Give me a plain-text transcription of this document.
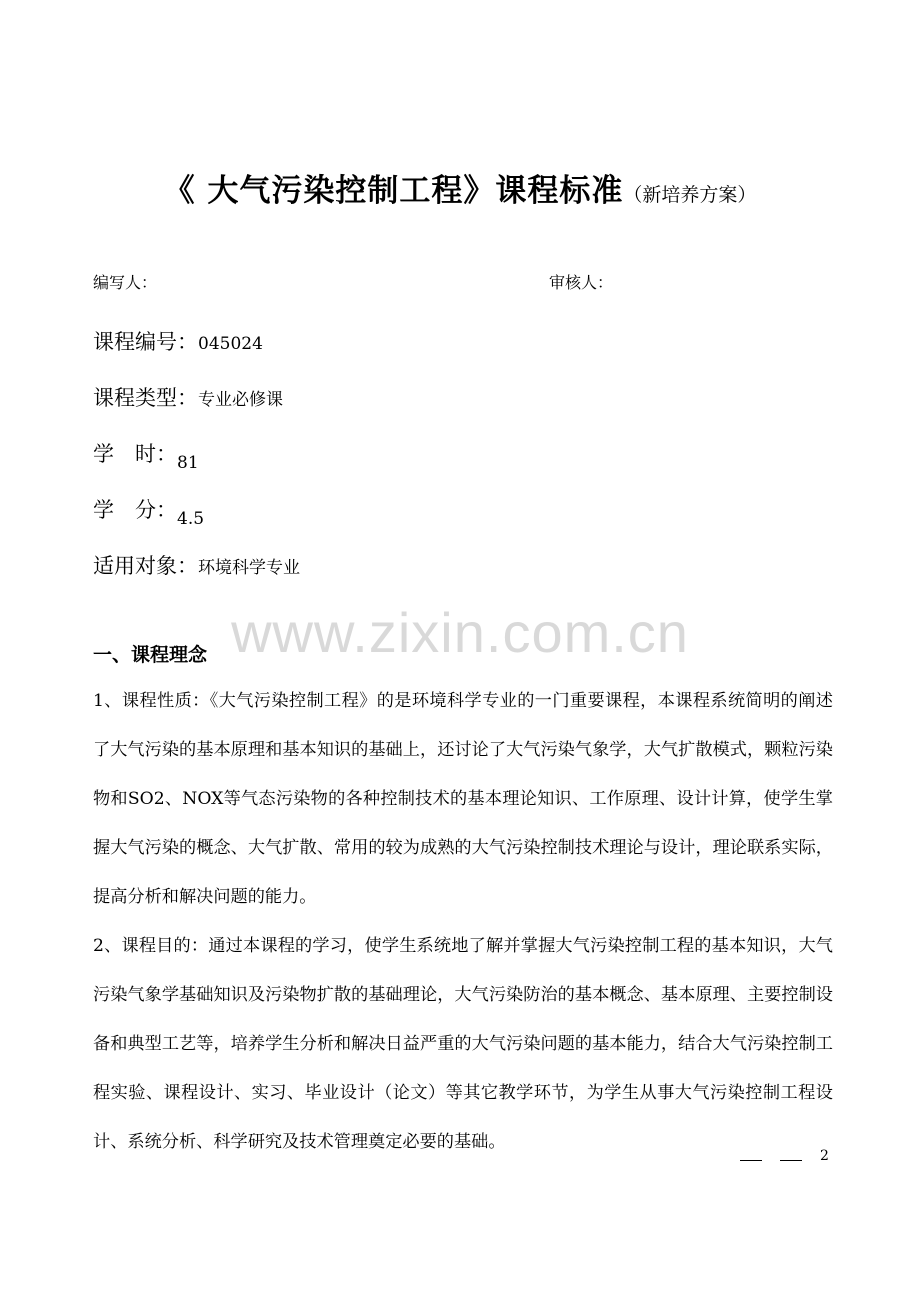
《 大气污染控制工程》课程标准（新培养方案）
编写人：	审核人：
课程编号：045024
课程类型：专业必修课
学 时： 81
学 分： 4.5
适用对象：环境科学专业
www.zixin.com.cn
一、课程理念
1、课程性质：《大气污染控制工程》的是环境科学专业的一门重要课程，本课程系统简明的阐述了大气污染的基本原理和基本知识的基础上，还讨论了大气污染气象学，大气扩散模式，颗粒污染物和SO2、NOX等气态污染物的各种控制技术的基本理论知识、工作原理、设计计算，使学生掌握大气污染的概念、大气扩散、常用的较为成熟的大气污染控制技术理论与设计，理论联系实际，提高分析和解决问题的能力。
2、课程目的：通过本课程的学习，使学生系统地了解并掌握大气污染控制工程的基本知识，大气污染气象学基础知识及污染物扩散的基础理论，大气污染防治的基本概念、基本原理、主要控制设备和典型工艺等，培养学生分析和解决日益严重的大气污染问题的基本能力，结合大气污染控制工程实验、课程设计、实习、毕业设计（论文）等其它教学环节，为学生从事大气污染控制工程设计、系统分析、科学研究及技术管理奠定必要的基础。
2
